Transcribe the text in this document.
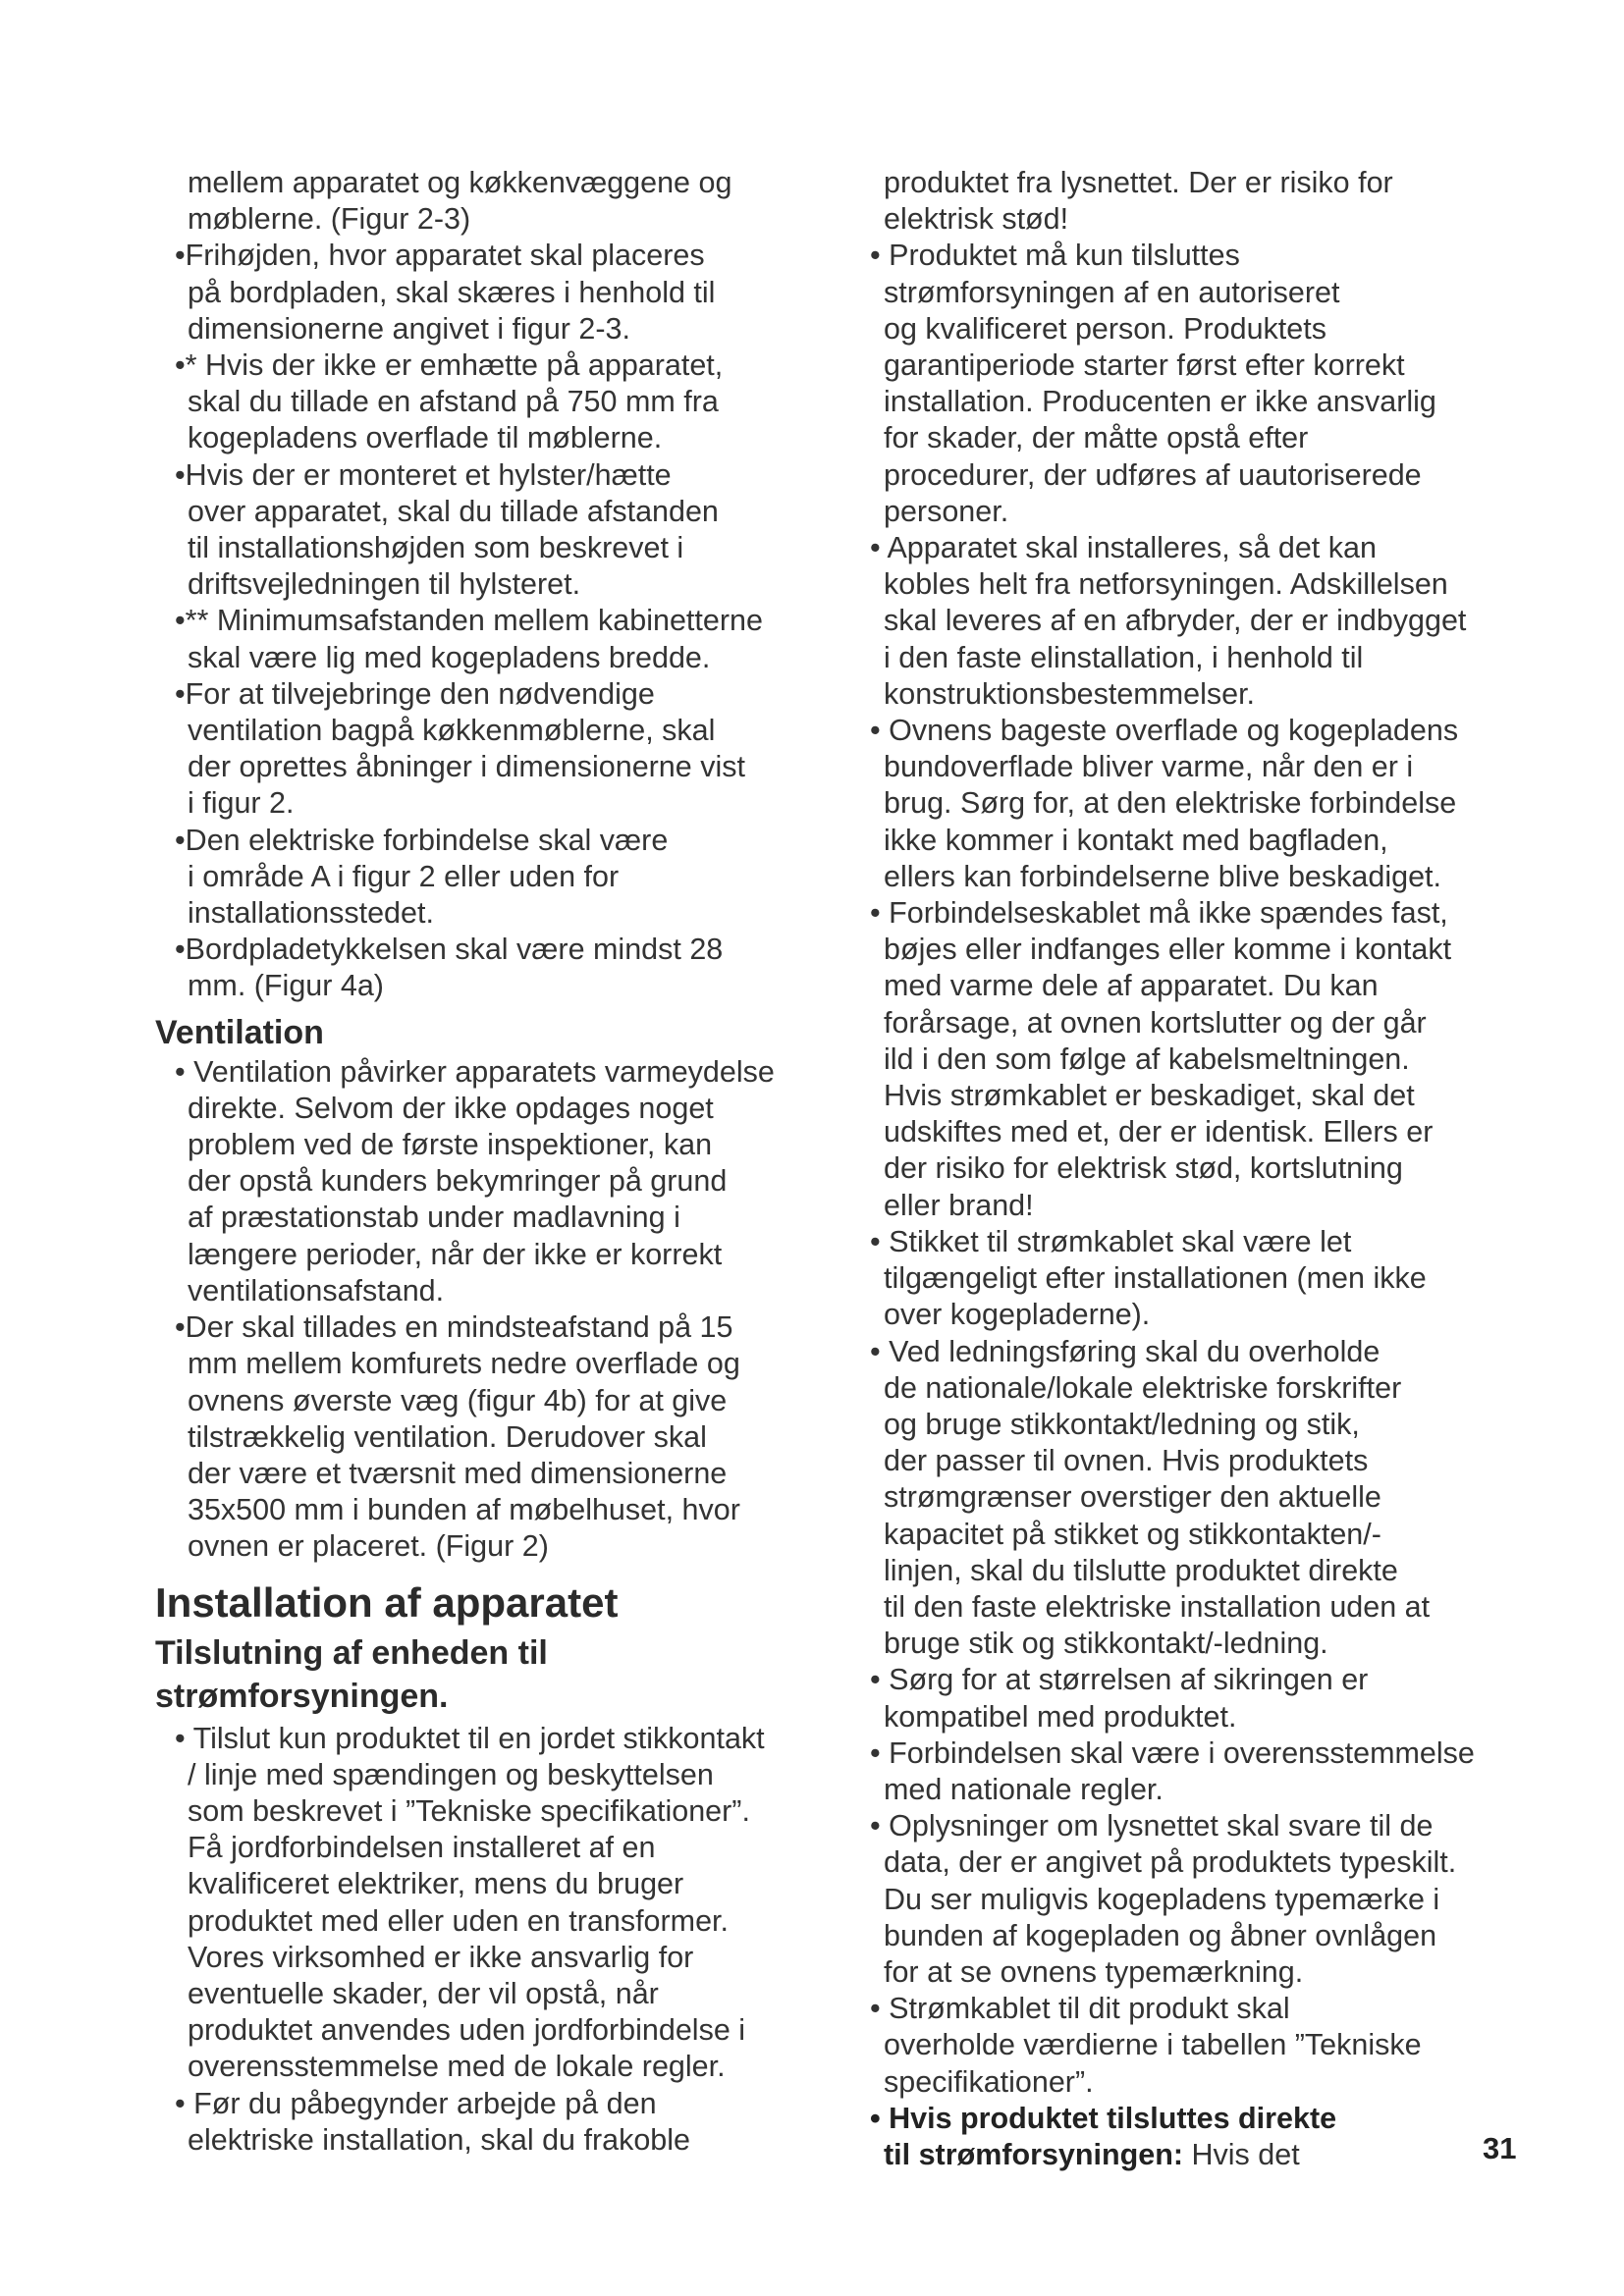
mellem apparatet og køkkenvæggene og
møblerne. (Figur 2-3)
•Frihøjden, hvor apparatet skal placeres
på bordpladen, skal skæres i henhold til
dimensionerne angivet i figur 2-3.
•* Hvis der ikke er emhætte på apparatet,
skal du tillade en afstand på 750 mm fra
kogepladens overflade til møblerne.
•Hvis der er monteret et hylster/hætte
over apparatet, skal du tillade afstanden
til installationshøjden som beskrevet i
driftsvejledningen til hylsteret.
•** Minimumsafstanden mellem kabinetterne
skal være lig med kogepladens bredde.
•For at tilvejebringe den nødvendige
ventilation bagpå køkkenmøblerne, skal
der oprettes åbninger i dimensionerne vist
i figur 2.
•Den elektriske forbindelse skal være
i område A i figur 2 eller uden for
installationsstedet.
•Bordpladetykkelsen skal være mindst 28
mm. (Figur 4a)
Ventilation
• Ventilation påvirker apparatets varmeydelse
direkte. Selvom der ikke opdages noget
problem ved de første inspektioner, kan
der opstå kunders bekymringer på grund
af præstationstab under madlavning i
længere perioder, når der ikke er korrekt
ventilationsafstand.
•Der skal tillades en mindsteafstand på 15
mm mellem komfurets nedre overflade og
ovnens øverste væg (figur 4b) for at give
tilstrækkelig ventilation. Derudover skal
der være et tværsnit med dimensionerne
35x500 mm i bunden af møbelhuset, hvor
ovnen er placeret. (Figur 2)
Installation af apparatet
Tilslutning af enheden til
strømforsyningen.
• Tilslut kun produktet til en jordet stikkontakt
/ linje med spændingen og beskyttelsen
som beskrevet i ”Tekniske specifikationer”.
Få jordforbindelsen installeret af en
kvalificeret elektriker, mens du bruger
produktet med eller uden en transformer.
Vores virksomhed er ikke ansvarlig for
eventuelle skader, der vil opstå, når
produktet anvendes uden jordforbindelse i
overensstemmelse med de lokale regler.
• Før du påbegynder arbejde på den
elektriske installation, skal du frakoble
produktet fra lysnettet. Der er risiko for
elektrisk stød!
• Produktet må kun tilsluttes
strømforsyningen af en autoriseret
og kvalificeret person. Produktets
garantiperiode starter først efter korrekt
installation. Producenten er ikke ansvarlig
for skader, der måtte opstå efter
procedurer, der udføres af uautoriserede
personer.
• Apparatet skal installeres, så det kan
kobles helt fra netforsyningen. Adskillelsen
skal leveres af en afbryder, der er indbygget
i den faste elinstallation, i henhold til
konstruktionsbestemmelser.
• Ovnens bageste overflade og kogepladens
bundoverflade bliver varme, når den er i
brug. Sørg for, at den elektriske forbindelse
ikke kommer i kontakt med bagfladen,
ellers kan forbindelserne blive beskadiget.
• Forbindelseskablet må ikke spændes fast,
bøjes eller indfanges eller komme i kontakt
med varme dele af apparatet. Du kan
forårsage, at ovnen kortslutter og der går
ild i den som følge af kabelsmeltningen.
Hvis strømkablet er beskadiget, skal det
udskiftes med et, der er identisk. Ellers er
der risiko for elektrisk stød, kortslutning
eller brand!
• Stikket til strømkablet skal være let
tilgængeligt efter installationen (men ikke
over kogepladerne).
• Ved ledningsføring skal du overholde
de nationale/lokale elektriske forskrifter
og bruge stikkontakt/ledning og stik,
der passer til ovnen. Hvis produktets
strømgrænser overstiger den aktuelle
kapacitet på stikket og stikkontakten/-
linjen, skal du tilslutte produktet direkte
til den faste elektriske installation uden at
bruge stik og stikkontakt/-ledning.
• Sørg for at størrelsen af sikringen er
kompatibel med produktet.
• Forbindelsen skal være i overensstemmelse
med nationale regler.
• Oplysninger om lysnettet skal svare til de
data, der er angivet på produktets typeskilt.
Du ser muligvis kogepladens typemærke i
bunden af kogepladen og åbner ovnlågen
for at se ovnens typemærkning.
• Strømkablet til dit produkt skal
overholde værdierne i tabellen ”Tekniske
specifikationer”.
• Hvis produktet tilsluttes direkte
til strømforsyningen: Hvis det	31
